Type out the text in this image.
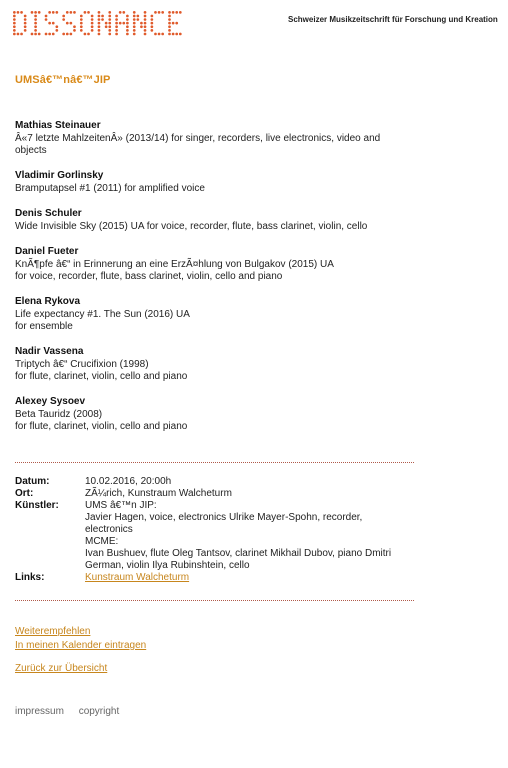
Schweizer Musikzeitschrift für Forschung und Kreation
UMSâ€™nâ€™JIP
Mathias Steinauer
Â«7 letzte MahlzeitenÂ» (2013/14) for singer, recorders, live electronics, video and
objects
Vladimir Gorlinsky
Bramputapsel #1 (2011) for amplified voice
Denis Schuler
Wide Invisible Sky (2015) UA for voice, recorder, flute, bass clarinet, violin, cello
Daniel Fueter
KnÃ¶pfe â€“ in Erinnerung an eine ErzÃ¤hlung von Bulgakov (2015) UA
for voice, recorder, flute, bass clarinet, violin, cello and piano
Elena Rykova
Life expectancy #1. The Sun (2016) UA
for ensemble
Nadir Vassena
Triptych â€“ Crucifixion (1998)
for flute, clarinet, violin, cello and piano
Alexey Sysoev
Beta Tauridz (2008)
for flute, clarinet, violin, cello and piano
Datum:	10.02.2016, 20:00h
Ort:	ZÃ¼rich, Kunstraum Walcheturm
Künstler:	UMS â€™n JIP:
Javier Hagen, voice, electronics Ulrike Mayer-Spohn, recorder,
electronics
MCME:
Ivan Bushuev, flute Oleg Tantsov, clarinet Mikhail Dubov, piano Dmitri
German, violin Ilya Rubinshtein, cello
Links:	Kunstraum Walcheturm
Weiterempfehlen
In meinen Kalender eintragen
Zurück zur Übersicht
impressum copyright
